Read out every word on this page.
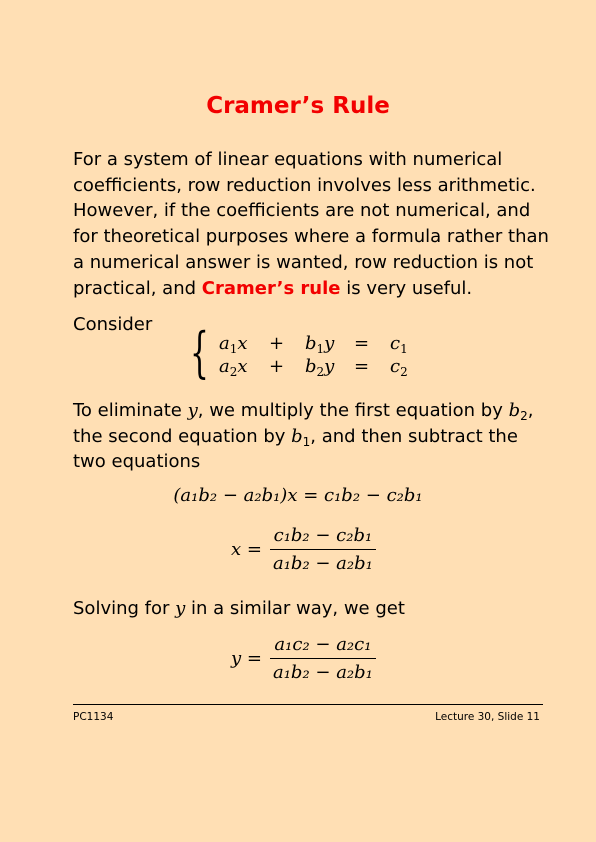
Cramer’s Rule
For a system of linear equations with numerical coefficients, row reduction involves less arithmetic. However, if the coefficients are not numerical, and for theoretical purposes where a formula rather than a numerical answer is wanted, row reduction is not practical, and Cramer’s rule is very useful.
Consider { $a_1x + b_1y = c_1$
$a_2x + b_2y = c_2$
To eliminate y, we multiply the first equation by $b_2$, the second equation by $b_1$, and then subtract the two equations
(a₁b₂ − a₂b₁)x = c₁b₂ − c₂b₁
$x = \frac{\text{c₁b₂ − c₂b₁}}{\text{a₁b₂ − a₂b₁}}$
Solving for y in a similar way, we get
$y = \frac{\text{a₁c₂ − a₂c₁}}{\text{a₁b₂ − a₂b₁}}$
PC1134	Lecture 30, Slide 11
